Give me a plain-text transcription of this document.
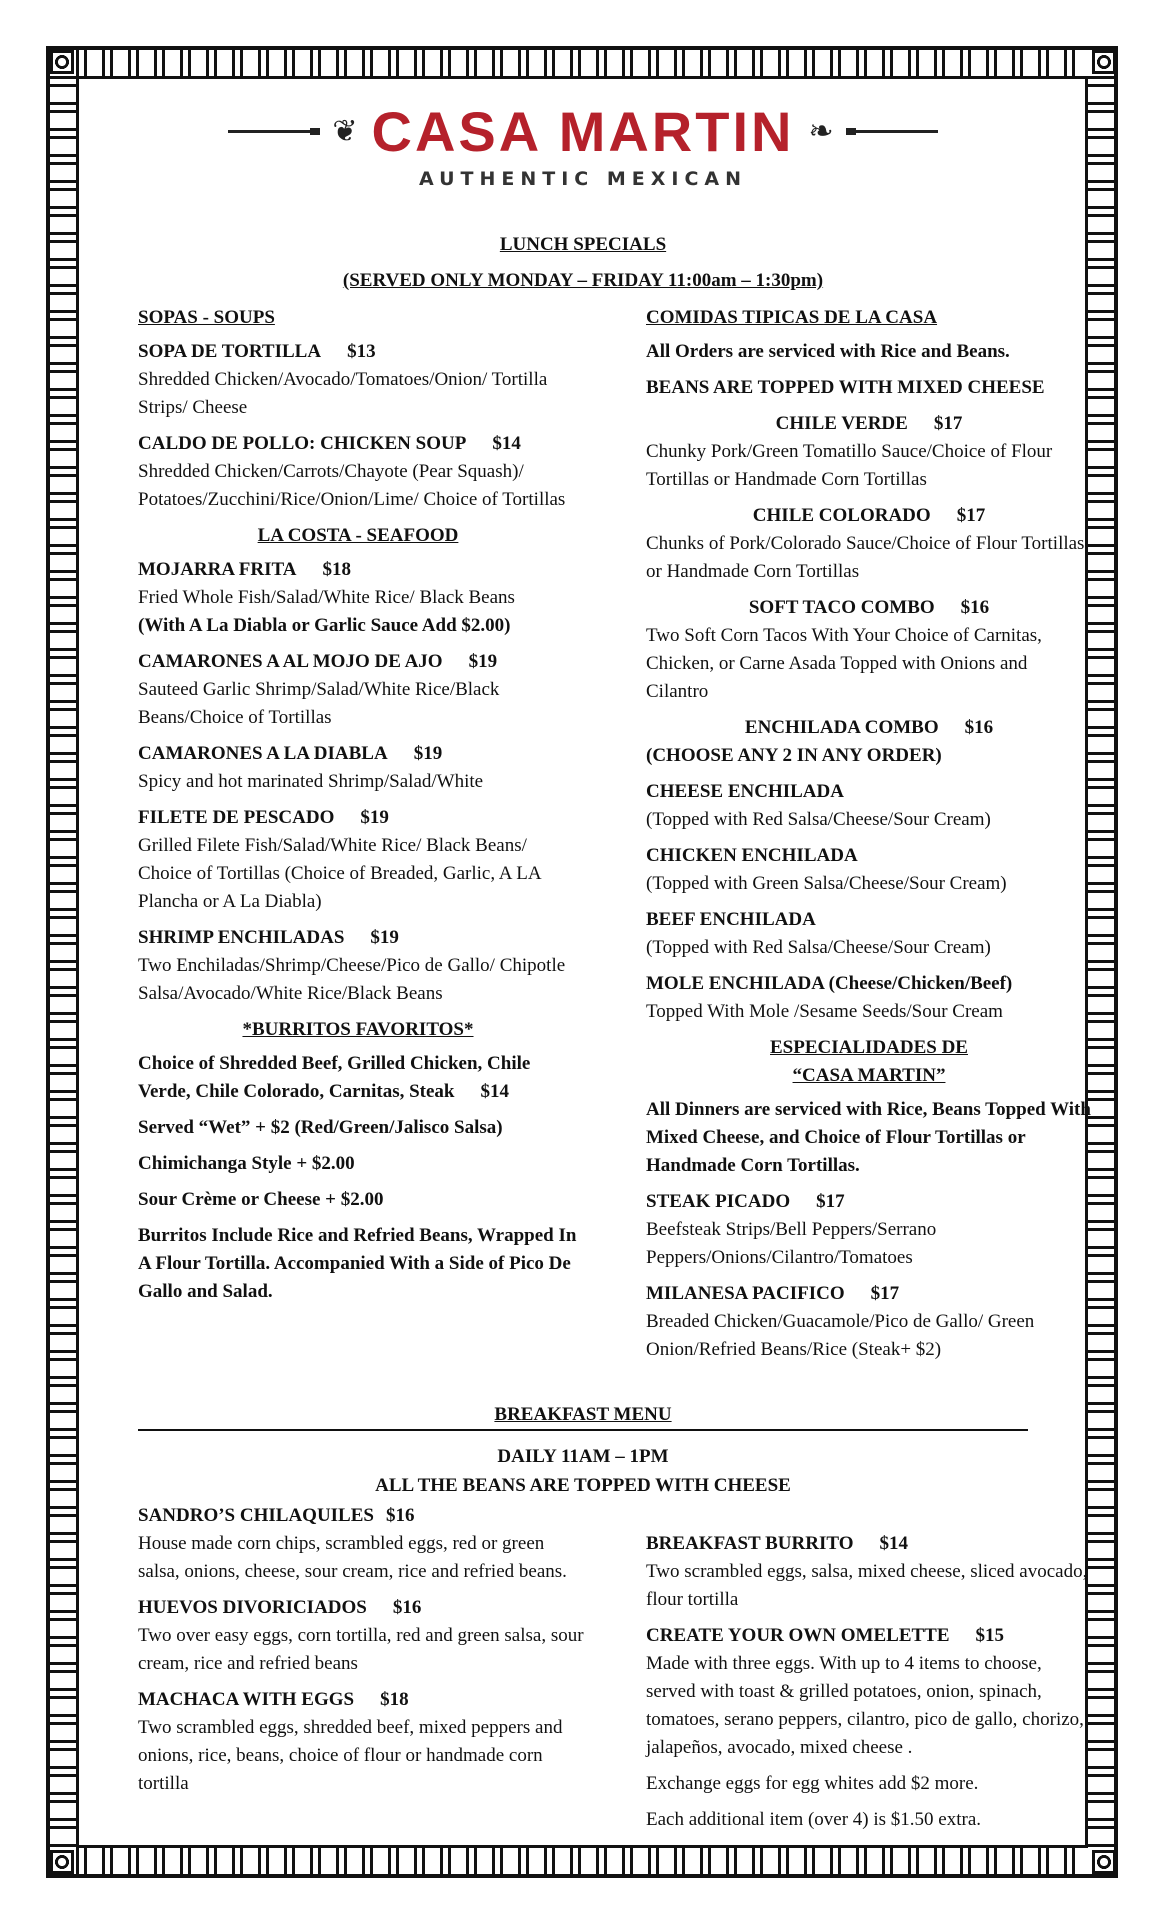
❦ CASA MARTIN ❧
AUTHENTIC MEXICAN
LUNCH SPECIALS
(SERVED ONLY MONDAY – FRIDAY 11:00am – 1:30pm)
SOPAS - SOUPS
SOPA DE TORTILLA $13
Shredded Chicken/Avocado/Tomatoes/Onion/ Tortilla Strips/ Cheese
CALDO DE POLLO: CHICKEN SOUP $14
Shredded Chicken/Carrots/Chayote (Pear Squash)/ Potatoes/Zucchini/Rice/Onion/Lime/ Choice of Tortillas
LA COSTA - SEAFOOD
MOJARRA FRITA $18
Fried Whole Fish/Salad/White Rice/ Black Beans
(With A La Diabla or Garlic Sauce Add $2.00)
CAMARONES A AL MOJO DE AJO $19
Sauteed Garlic Shrimp/Salad/White Rice/Black Beans/Choice of Tortillas
CAMARONES A LA DIABLA $19
Spicy and hot marinated Shrimp/Salad/White
FILETE DE PESCADO $19
Grilled Filete Fish/Salad/White Rice/ Black Beans/ Choice of Tortillas (Choice of Breaded, Garlic, A LA Plancha or A La Diabla)
SHRIMP ENCHILADAS $19
Two Enchiladas/Shrimp/Cheese/Pico de Gallo/ Chipotle Salsa/Avocado/White Rice/Black Beans
*BURRITOS FAVORITOS*
Choice of Shredded Beef, Grilled Chicken, Chile Verde, Chile Colorado, Carnitas, Steak $14
Served “Wet” + $2 (Red/Green/Jalisco Salsa)
Chimichanga Style + $2.00
Sour Crème or Cheese + $2.00
Burritos Include Rice and Refried Beans, Wrapped In A Flour Tortilla. Accompanied With a Side of Pico De Gallo and Salad.
COMIDAS TIPICAS DE LA CASA
All Orders are serviced with Rice and Beans.
BEANS ARE TOPPED WITH MIXED CHEESE
CHILE VERDE $17
Chunky Pork/Green Tomatillo Sauce/Choice of Flour Tortillas or Handmade Corn Tortillas
CHILE COLORADO $17
Chunks of Pork/Colorado Sauce/Choice of Flour Tortillas or Handmade Corn Tortillas
SOFT TACO COMBO $16
Two Soft Corn Tacos With Your Choice of Carnitas, Chicken, or Carne Asada Topped with Onions and Cilantro
ENCHILADA COMBO $16
(CHOOSE ANY 2 IN ANY ORDER)
CHEESE ENCHILADA
(Topped with Red Salsa/Cheese/Sour Cream)
CHICKEN ENCHILADA
(Topped with Green Salsa/Cheese/Sour Cream)
BEEF ENCHILADA
(Topped with Red Salsa/Cheese/Sour Cream)
MOLE ENCHILADA (Cheese/Chicken/Beef)
Topped With Mole /Sesame Seeds/Sour Cream
ESPECIALIDADES DE
“CASA MARTIN”
All Dinners are serviced with Rice, Beans Topped With Mixed Cheese, and Choice of Flour Tortillas or Handmade Corn Tortillas.
STEAK PICADO $17
Beefsteak Strips/Bell Peppers/Serrano Peppers/Onions/Cilantro/Tomatoes
MILANESA PACIFICO $17
Breaded Chicken/Guacamole/Pico de Gallo/ Green Onion/Refried Beans/Rice (Steak+ $2)
BREAKFAST MENU
DAILY 11AM – 1PM
ALL THE BEANS ARE TOPPED WITH CHEESE
SANDRO’S CHILAQUILES $16
House made corn chips, scrambled eggs, red or green salsa, onions, cheese, sour cream, rice and refried beans.
HUEVOS DIVORICIADOS $16
Two over easy eggs, corn tortilla, red and green salsa, sour cream, rice and refried beans
MACHACA WITH EGGS $18
Two scrambled eggs, shredded beef, mixed peppers and onions, rice, beans, choice of flour or handmade corn tortilla
BREAKFAST BURRITO $14
Two scrambled eggs, salsa, mixed cheese, sliced avocado, flour tortilla
CREATE YOUR OWN OMELETTE $15
Made with three eggs. With up to 4 items to choose, served with toast & grilled potatoes, onion, spinach, tomatoes, serano peppers, cilantro, pico de gallo, chorizo, jalapeños, avocado, mixed cheese .
Exchange eggs for egg whites add $2 more.
Each additional item (over 4) is $1.50 extra.
